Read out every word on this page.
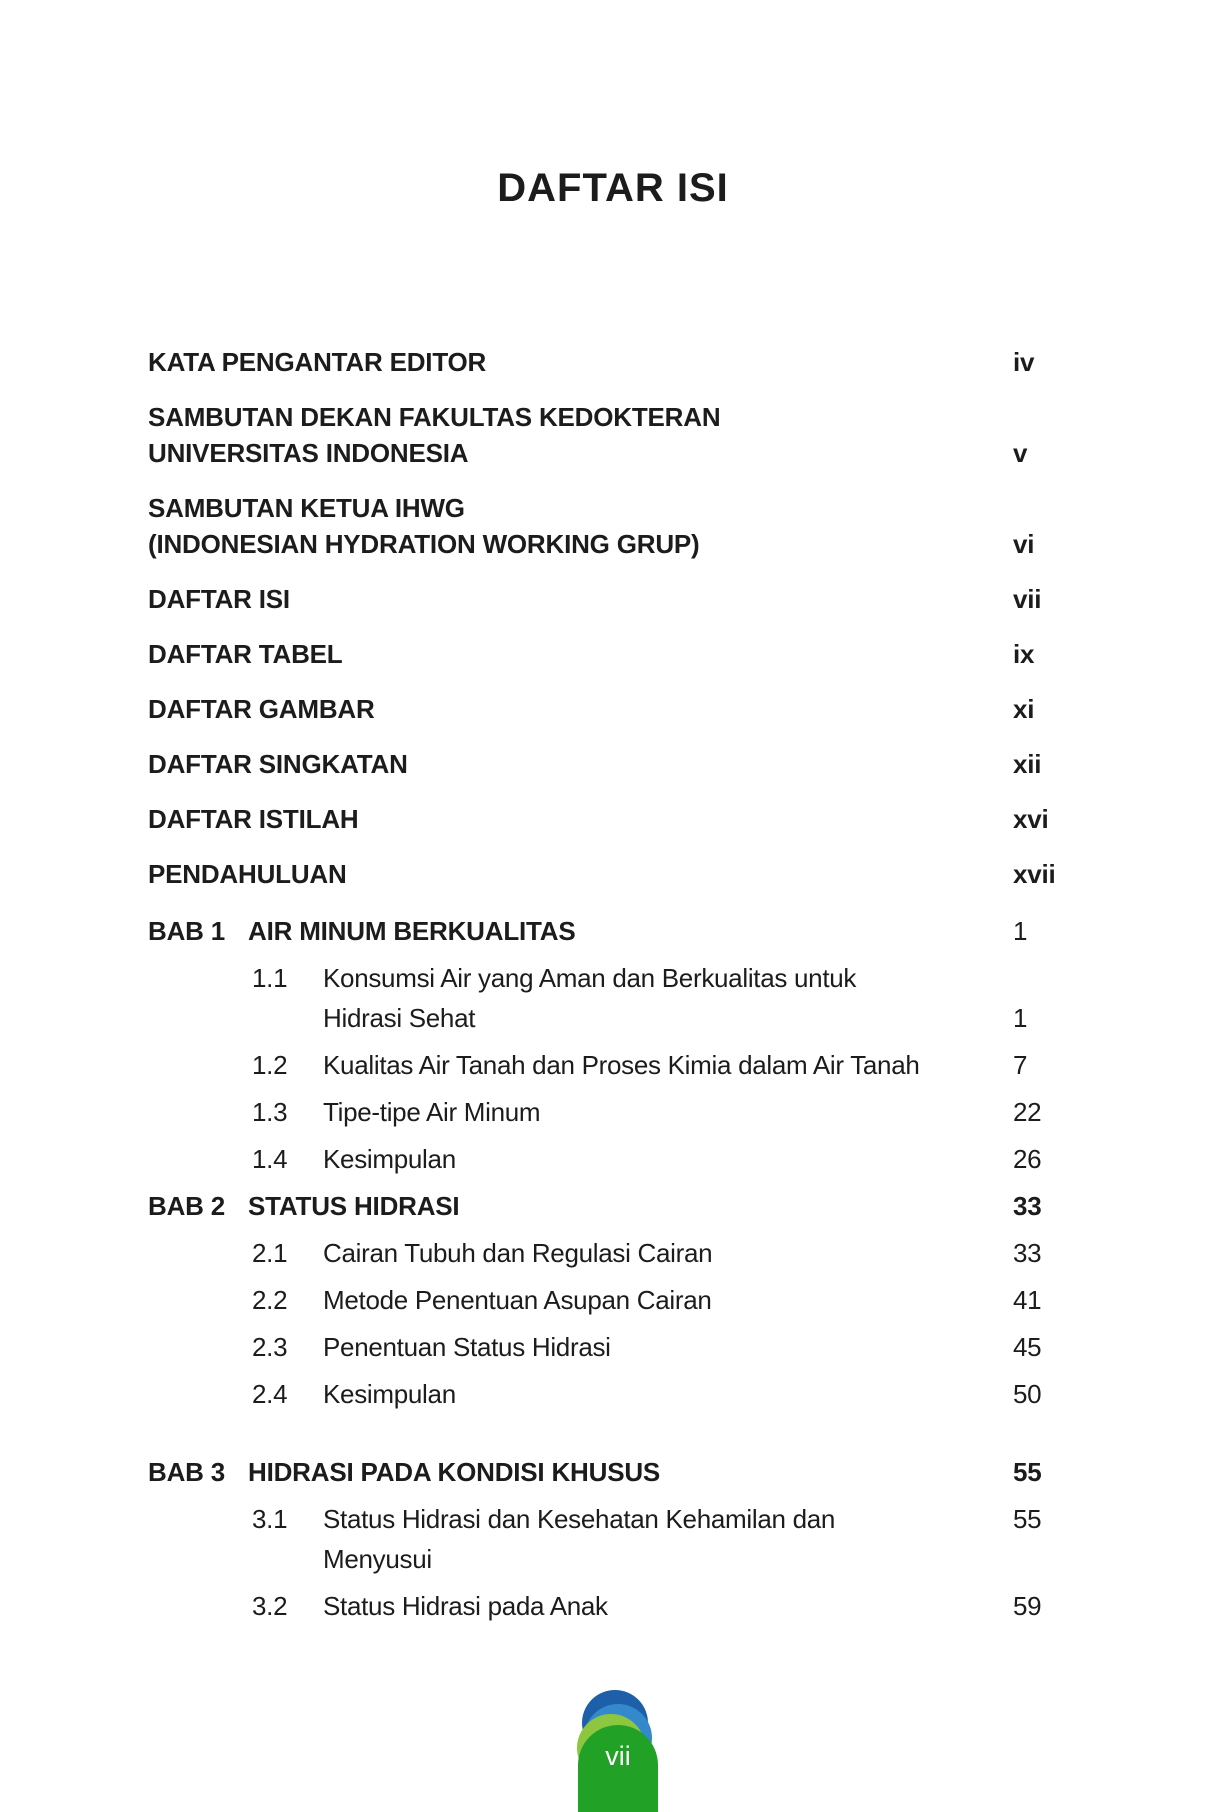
DAFTAR ISI
KATA PENGANTAR EDITOR	iv
SAMBUTAN DEKAN FAKULTAS KEDOKTERAN
UNIVERSITAS INDONESIA	v
SAMBUTAN KETUA IHWG
(INDONESIAN HYDRATION WORKING GRUP)	vi
DAFTAR ISI	vii
DAFTAR TABEL	ix
DAFTAR GAMBAR	xi
DAFTAR SINGKATAN	xii
DAFTAR ISTILAH	xvi
PENDAHULUAN	xvii
BAB 1 AIR MINUM BERKUALITAS	1
1.1	Konsumsi Air yang Aman dan Berkualitas untuk
Hidrasi Sehat	1
1.2	Kualitas Air Tanah dan Proses Kimia dalam Air Tanah	7
1.3	Tipe-tipe Air Minum	22
1.4	Kesimpulan	26
BAB 2 STATUS HIDRASI	33
2.1	Cairan Tubuh dan Regulasi Cairan	33
2.2	Metode Penentuan Asupan Cairan	41
2.3	Penentuan Status Hidrasi	45
2.4	Kesimpulan	50
BAB 3 HIDRASI PADA KONDISI KHUSUS	55
3.1	Status Hidrasi dan Kesehatan Kehamilan dan	55
Menyusui
3.2	Status Hidrasi pada Anak	59
vii
